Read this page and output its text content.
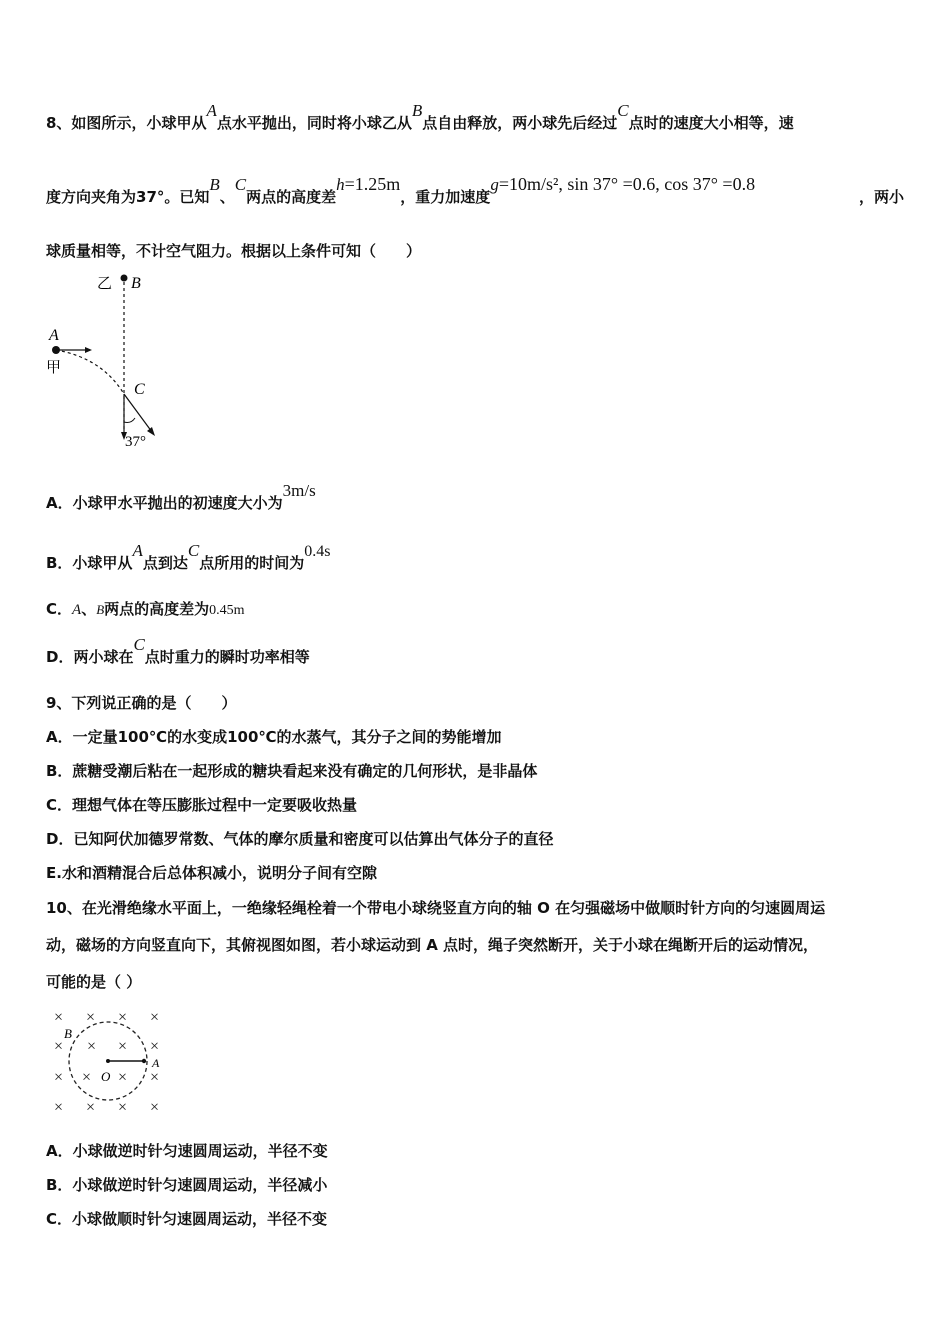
8、如图所示，小球甲从A点水平抛出，同时将小球乙从B点自由释放，两小球先后经过C点时的速度大小相等，速
度方向夹角为37°。已知B、C两点的高度差h=1.25m，重力加速度g=10m/s², sin 37° =0.6, cos 37° =0.8
，两小
球质量相等，不计空气阻力。根据以上条件可知（　　）
乙 B
A
甲
C
37°
A．小球甲水平抛出的初速度大小为3m/s
B．小球甲从A点到达C点所用的时间为0.4s
C．A、B两点的高度差为0.45m
D．两小球在C点时重力的瞬时功率相等
9、下列说正确的是（　　）
A．一定量100℃的水变成100℃的水蒸气，其分子之间的势能增加
B．蔗糖受潮后粘在一起形成的糖块看起来没有确定的几何形状，是非晶体
C．理想气体在等压膨胀过程中一定要吸收热量
D．已知阿伏加德罗常数、气体的摩尔质量和密度可以估算出气体分子的直径
E.水和酒精混合后总体积减小，说明分子间有空隙
10、在光滑绝缘水平面上，一绝缘轻绳栓着一个带电小球绕竖直方向的轴 O 在匀强磁场中做顺时针方向的匀速圆周运
动，磁场的方向竖直向下，其俯视图如图，若小球运动到 A 点时，绳子突然断开，关于小球在绳断开后的运动情况，
可能的是（ ）
× × × ×
× × × ×
× × × ×
× × × ×
B
A
O
A．小球做逆时针匀速圆周运动，半径不变
B．小球做逆时针匀速圆周运动，半径减小
C．小球做顺时针匀速圆周运动，半径不变
